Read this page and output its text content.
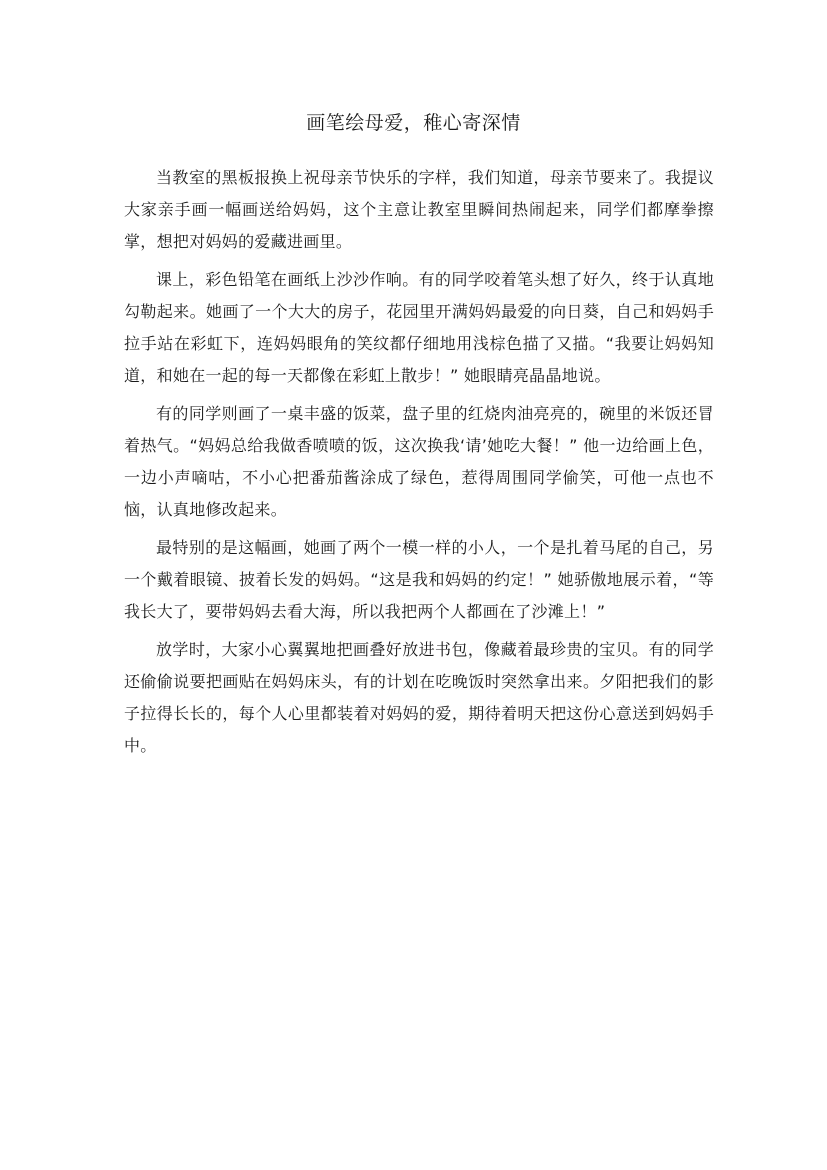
画笔绘母爱，稚心寄深情

当教室的黑板报换上祝母亲节快乐的字样，我们知道，母亲节要来了。我提议大家亲手画一幅画送给妈妈，这个主意让教室里瞬间热闹起来，同学们都摩拳擦掌，想把对妈妈的爱藏进画里。

课上，彩色铅笔在画纸上沙沙作响。有的同学咬着笔头想了好久，终于认真地勾勒起来。她画了一个大大的房子，花园里开满妈妈最爱的向日葵，自己和妈妈手拉手站在彩虹下，连妈妈眼角的笑纹都仔细地用浅棕色描了又描。“我要让妈妈知道，和她在一起的每一天都像在彩虹上散步！” 她眼睛亮晶晶地说。

有的同学则画了一桌丰盛的饭菜，盘子里的红烧肉油亮亮的，碗里的米饭还冒着热气。“妈妈总给我做香喷喷的饭，这次换我‘请’她吃大餐！” 他一边给画上色，一边小声嘀咕，不小心把番茄酱涂成了绿色，惹得周围同学偷笑，可他一点也不恼，认真地修改起来。

最特别的是这幅画，她画了两个一模一样的小人，一个是扎着马尾的自己，另一个戴着眼镜、披着长发的妈妈。“这是我和妈妈的约定！” 她骄傲地展示着，“等我长大了，要带妈妈去看大海，所以我把两个人都画在了沙滩上！”

放学时，大家小心翼翼地把画叠好放进书包，像藏着最珍贵的宝贝。有的同学还偷偷说要把画贴在妈妈床头，有的计划在吃晚饭时突然拿出来。夕阳把我们的影子拉得长长的，每个人心里都装着对妈妈的爱，期待着明天把这份心意送到妈妈手中。
